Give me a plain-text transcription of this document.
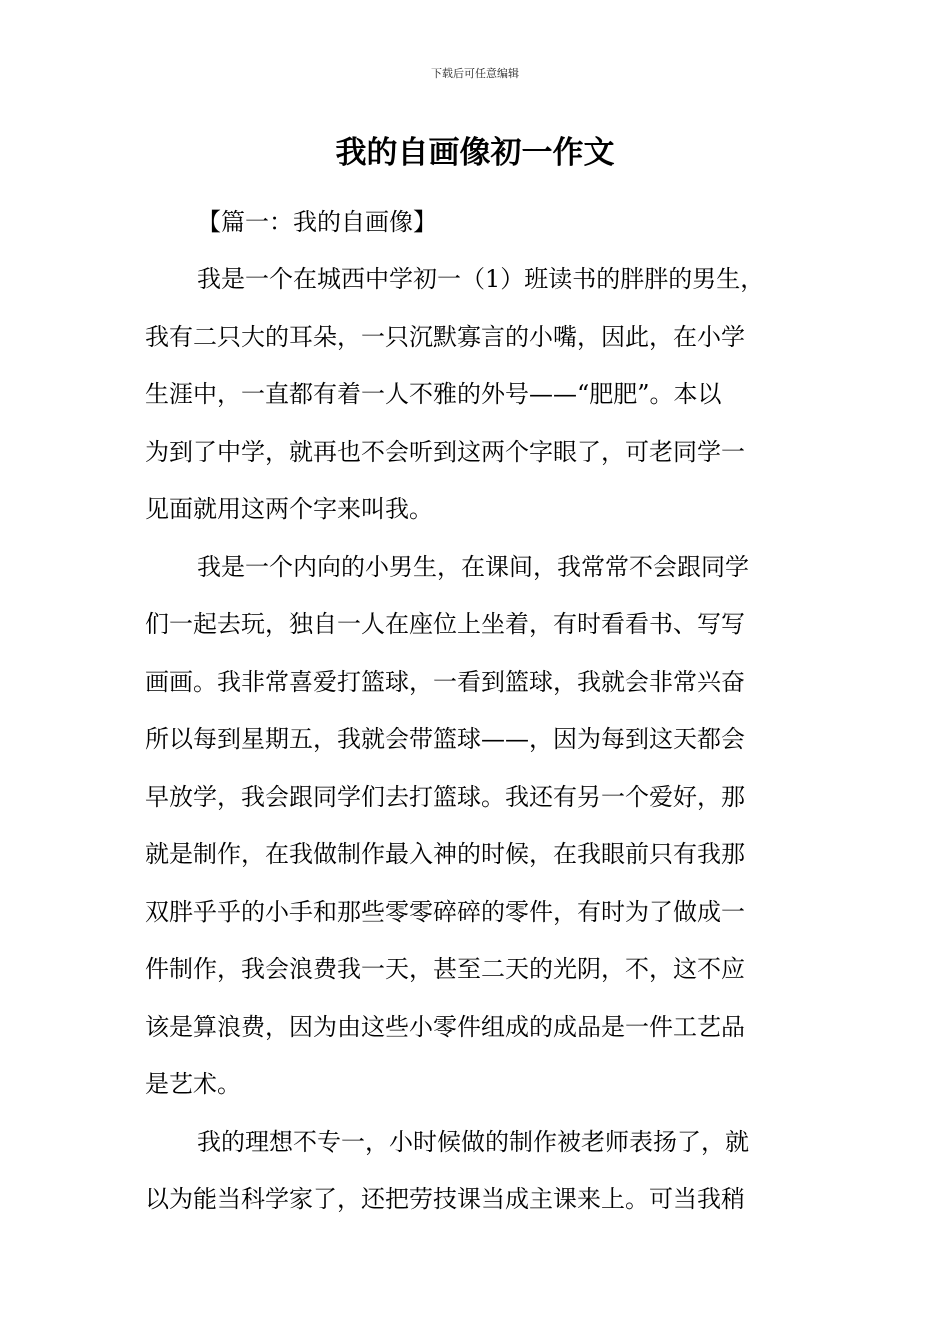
下载后可任意编辑
我的自画像初一作文

【篇一：我的自画像】

我是一个在城西中学初一（1）班读书的胖胖的男生，

我有二只大的耳朵，一只沉默寡言的小嘴，因此，在小学

生涯中，一直都有着一人不雅的外号——“肥肥”。本以

为到了中学，就再也不会听到这两个字眼了，可老同学一

见面就用这两个字来叫我。

我是一个内向的小男生，在课间，我常常不会跟同学

们一起去玩，独自一人在座位上坐着，有时看看书、写写

画画。我非常喜爱打篮球，一看到篮球，我就会非常兴奋

所以每到星期五，我就会带篮球——，因为每到这天都会

早放学，我会跟同学们去打篮球。我还有另一个爱好，那

就是制作，在我做制作最入神的时候，在我眼前只有我那

双胖乎乎的小手和那些零零碎碎的零件，有时为了做成一

件制作，我会浪费我一天，甚至二天的光阴，不，这不应

该是算浪费，因为由这些小零件组成的成品是一件工艺品

是艺术。

我的理想不专一，小时候做的制作被老师表扬了，就

以为能当科学家了，还把劳技课当成主课来上。可当我稍
